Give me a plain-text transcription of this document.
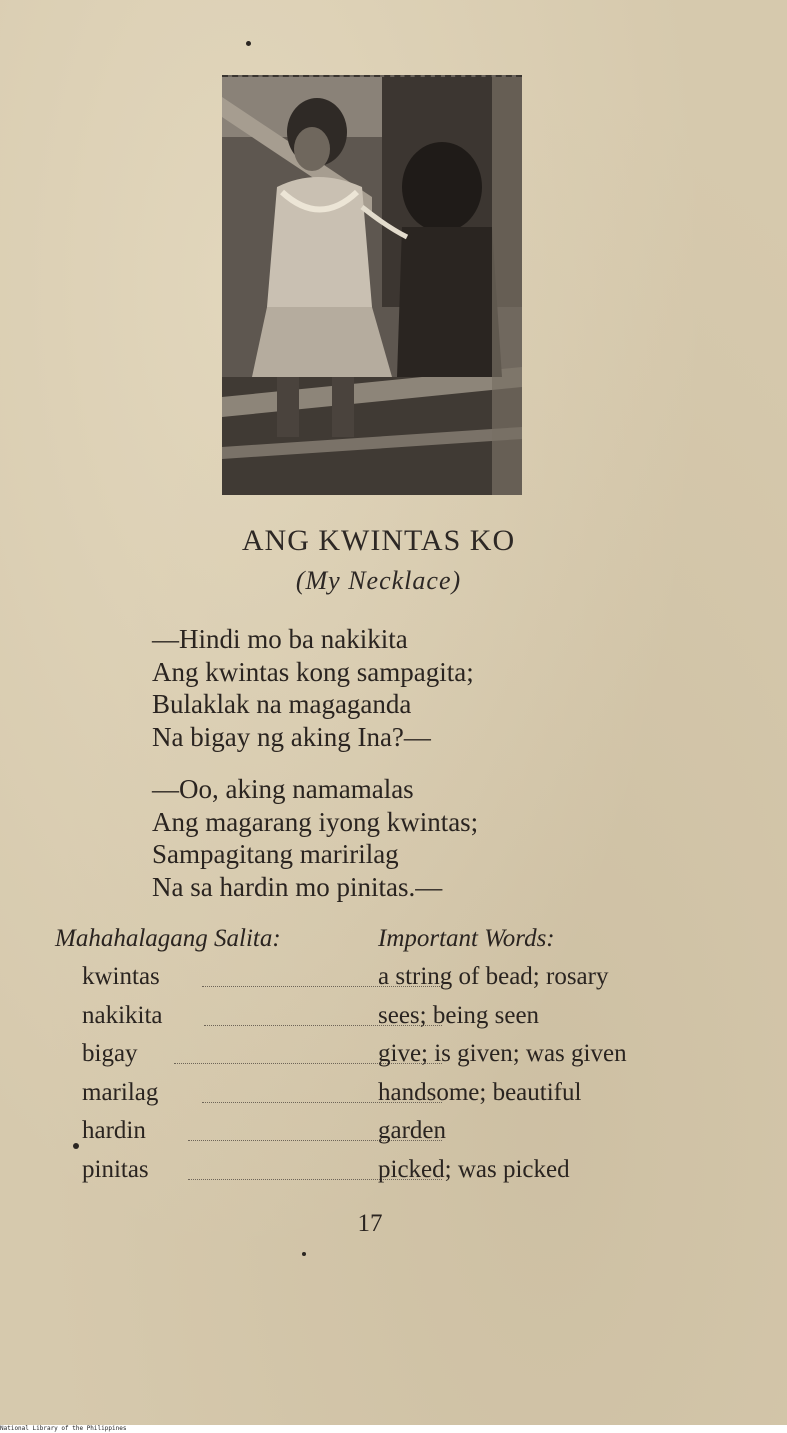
ANG KWINTAS KO
(My Necklace)
—Hindi mo ba nakikita
Ang kwintas kong sampagita;
Bulaklak na magaganda
Na bigay ng aking Ina?—
—Oo, aking namamalas
Ang magarang iyong kwintas;
Sampagitang maririlag
Na sa hardin mo pinitas.—
Mahahalagang Salita:	Important Words:
kwintas	a string of bead; rosary
nakikita	sees; being seen
bigay	give; is given; was given
marilag	handsome; beautiful
hardin	garden
pinitas	picked; was picked
17
National Library of the Philippines
